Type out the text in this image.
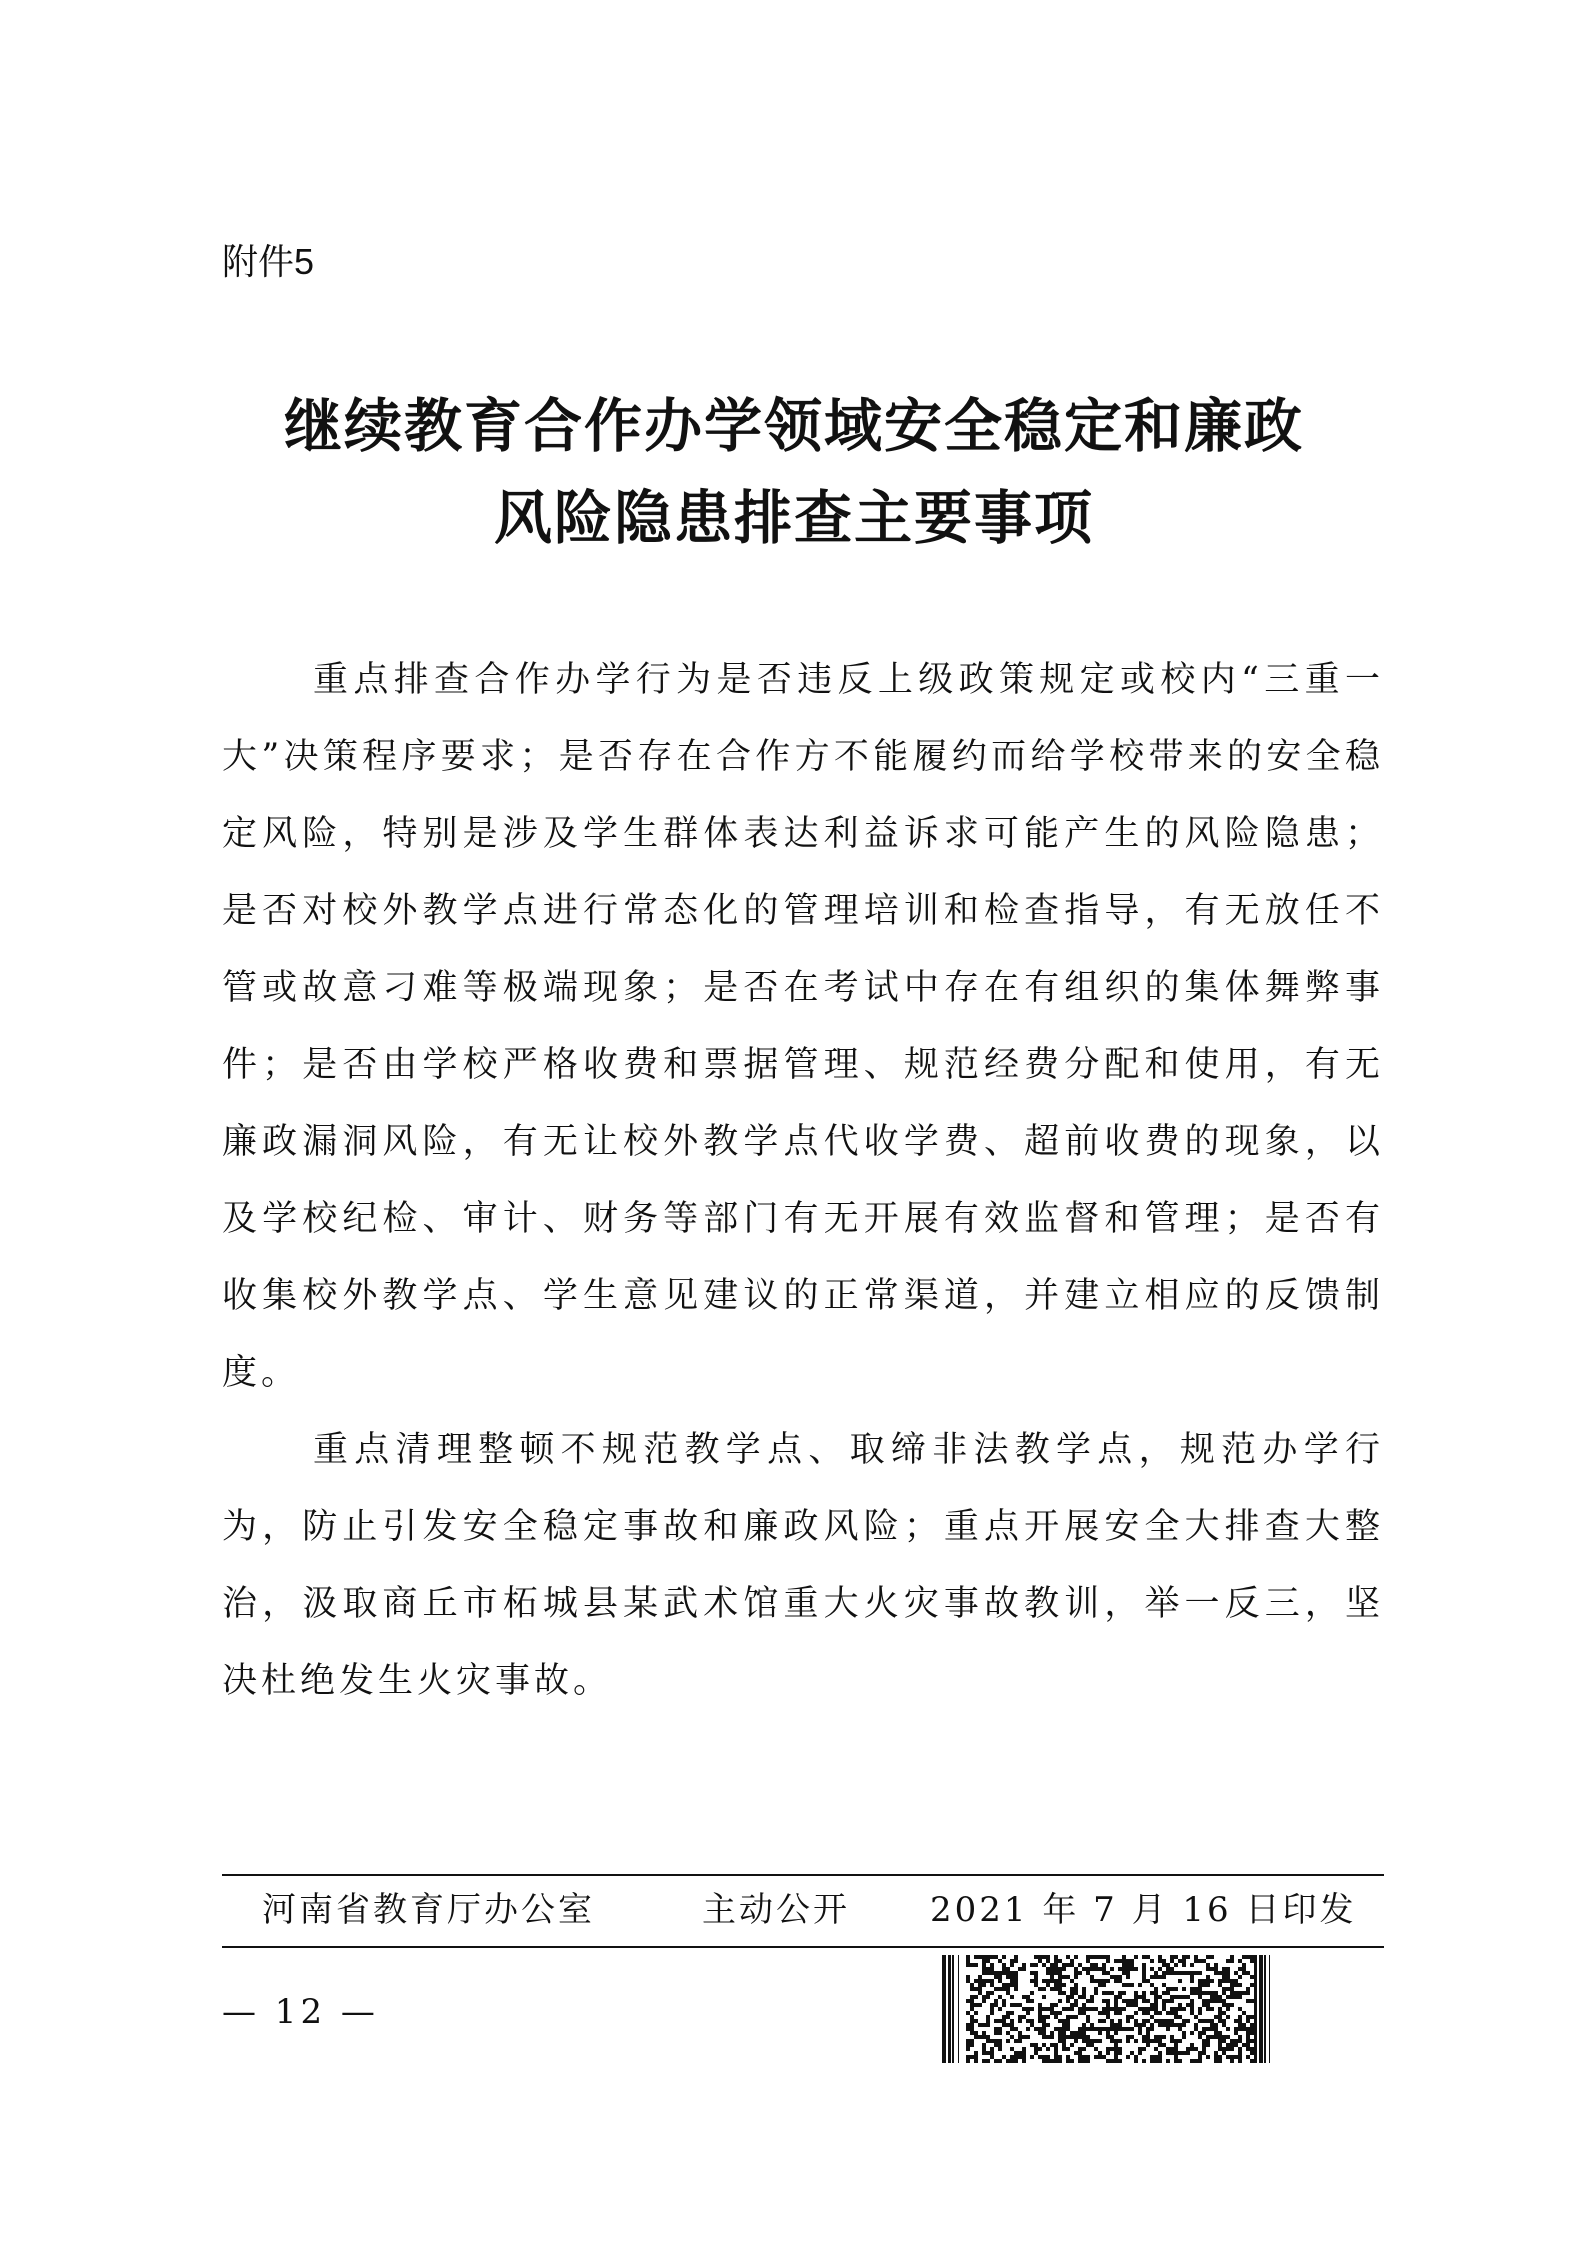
附件5
继续教育合作办学领域安全稳定和廉政
风险隐患排查主要事项

重点排查合作办学行为是否违反上级政策规定或校内“三重一大”决策程序要求；是否存在合作方不能履约而给学校带来的安全稳定风险，特别是涉及学生群体表达利益诉求可能产生的风险隐患；是否对校外教学点进行常态化的管理培训和检查指导，有无放任不管或故意刁难等极端现象；是否在考试中存在有组织的集体舞弊事件；是否由学校严格收费和票据管理、规范经费分配和使用，有无廉政漏洞风险，有无让校外教学点代收学费、超前收费的现象，以及学校纪检、审计、财务等部门有无开展有效监督和管理；是否有收集校外教学点、学生意见建议的正常渠道，并建立相应的反馈制度。

重点清理整顿不规范教学点、取缔非法教学点，规范办学行为，防止引发安全稳定事故和廉政风险；重点开展安全大排查大整治，汲取商丘市柘城县某武术馆重大火灾事故教训，举一反三，坚决杜绝发生火灾事故。

河南省教育厅办公室	主动公开 2021 年 7 月 16 日印发
— 12 —
